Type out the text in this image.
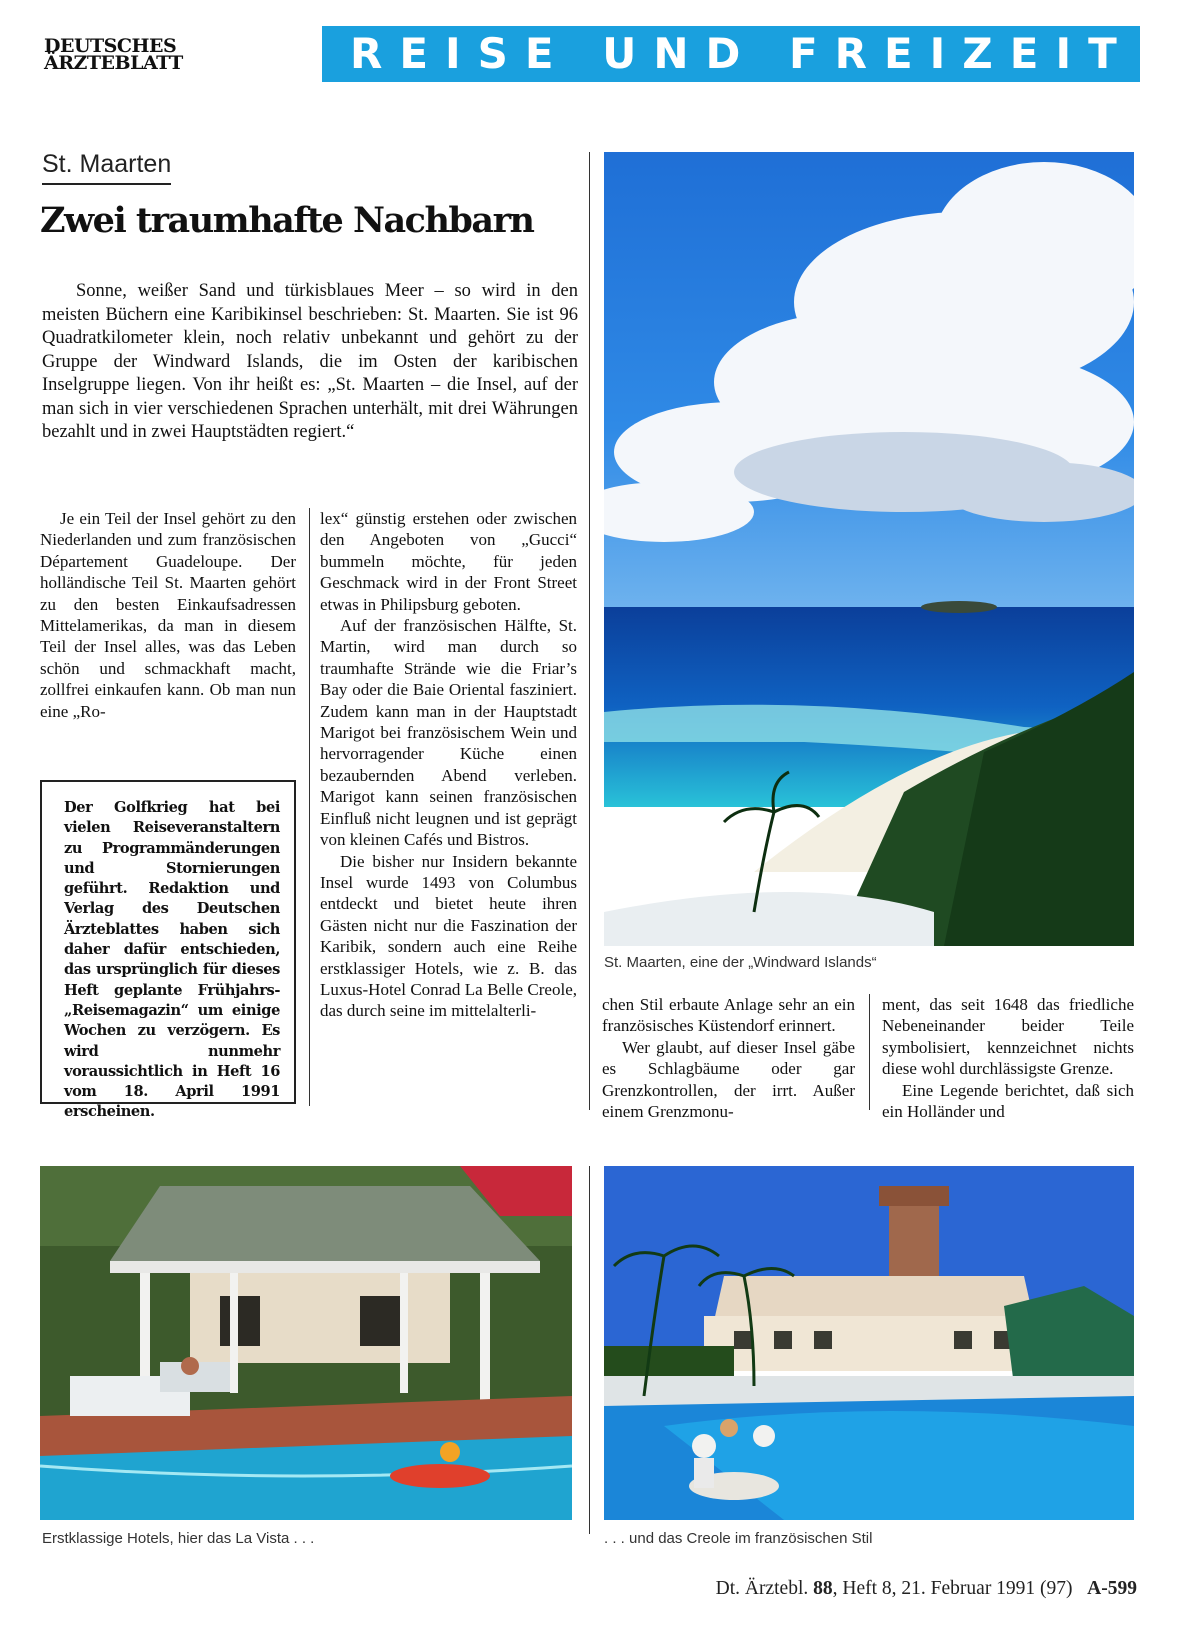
DEUTSCHES
ÄRZTEBLATT	REISE UND FREIZEIT
St. Maarten
Zwei traumhafte Nachbarn

Sonne, weißer Sand und türkisblaues Meer – so wird in den meisten Büchern eine Karibikinsel beschrieben: St. Maarten. Sie ist 96 Quadratkilometer klein, noch relativ unbekannt und gehört zu der Gruppe der Windward Islands, die im Osten der karibischen Inselgruppe liegen. Von ihr heißt es: „St. Maarten – die Insel, auf der man sich in vier verschiedenen Sprachen unterhält, mit drei Währungen bezahlt und in zwei Hauptstädten regiert.“

Je ein Teil der Insel gehört zu den Niederlanden und zum französischen Département Guadeloupe. Der holländische Teil St. Maarten gehört zu den besten Einkaufsadressen Mittelamerikas, da man in diesem Teil der Insel alles, was das Leben schön und schmackhaft macht, zollfrei einkaufen kann. Ob man nun eine „Ro-

lex“ günstig erstehen oder zwischen den Angeboten von „Gucci“ bummeln möchte, für jeden Geschmack wird in der Front Street etwas in Philipsburg geboten.

Auf der französischen Hälfte, St. Martin, wird man durch so traumhafte Strände wie die Friar’s Bay oder die Baie Oriental fasziniert. Zudem kann man in der Hauptstadt Marigot bei französischem Wein und hervorragender Küche einen bezaubernden Abend verleben. Marigot kann seinen französischen Einfluß nicht leugnen und ist geprägt von kleinen Cafés und Bistros.

Die bisher nur Insidern bekannte Insel wurde 1493 von Columbus entdeckt und bietet heute ihren Gästen nicht nur die Faszination der Karibik, sondern auch eine Reihe erstklassiger Hotels, wie z. B. das Luxus-Hotel Conrad La Belle Creole, das durch seine im mittelalterli-

Der Golfkrieg hat bei vielen Reiseveranstaltern zu Programmänderungen und Stornierungen geführt. Redaktion und Verlag des Deutschen Ärzteblattes haben sich daher dafür entschieden, das ursprünglich für dieses Heft geplante Frühjahrs-„Reisemagazin“ um einige Wochen zu verzögern. Es wird nunmehr voraussichtlich in Heft 16 vom 18. April 1991 erscheinen.

St. Maarten, eine der „Windward Islands“

chen Stil erbaute Anlage sehr an ein französisches Küstendorf erinnert.

Wer glaubt, auf dieser Insel gäbe es Schlagbäume oder gar Grenzkontrollen, der irrt. Außer einem Grenzmonu-

ment, das seit 1648 das friedliche Nebeneinander beider Teile symbolisiert, kennzeichnet nichts diese wohl durchlässigste Grenze.

Eine Legende berichtet, daß sich ein Holländer und

Erstklassige Hotels, hier das La Vista . . .	. . . und das Creole im französischen Stil
Dt. Ärztebl. 88, Heft 8, 21. Februar 1991 (97) A-599
